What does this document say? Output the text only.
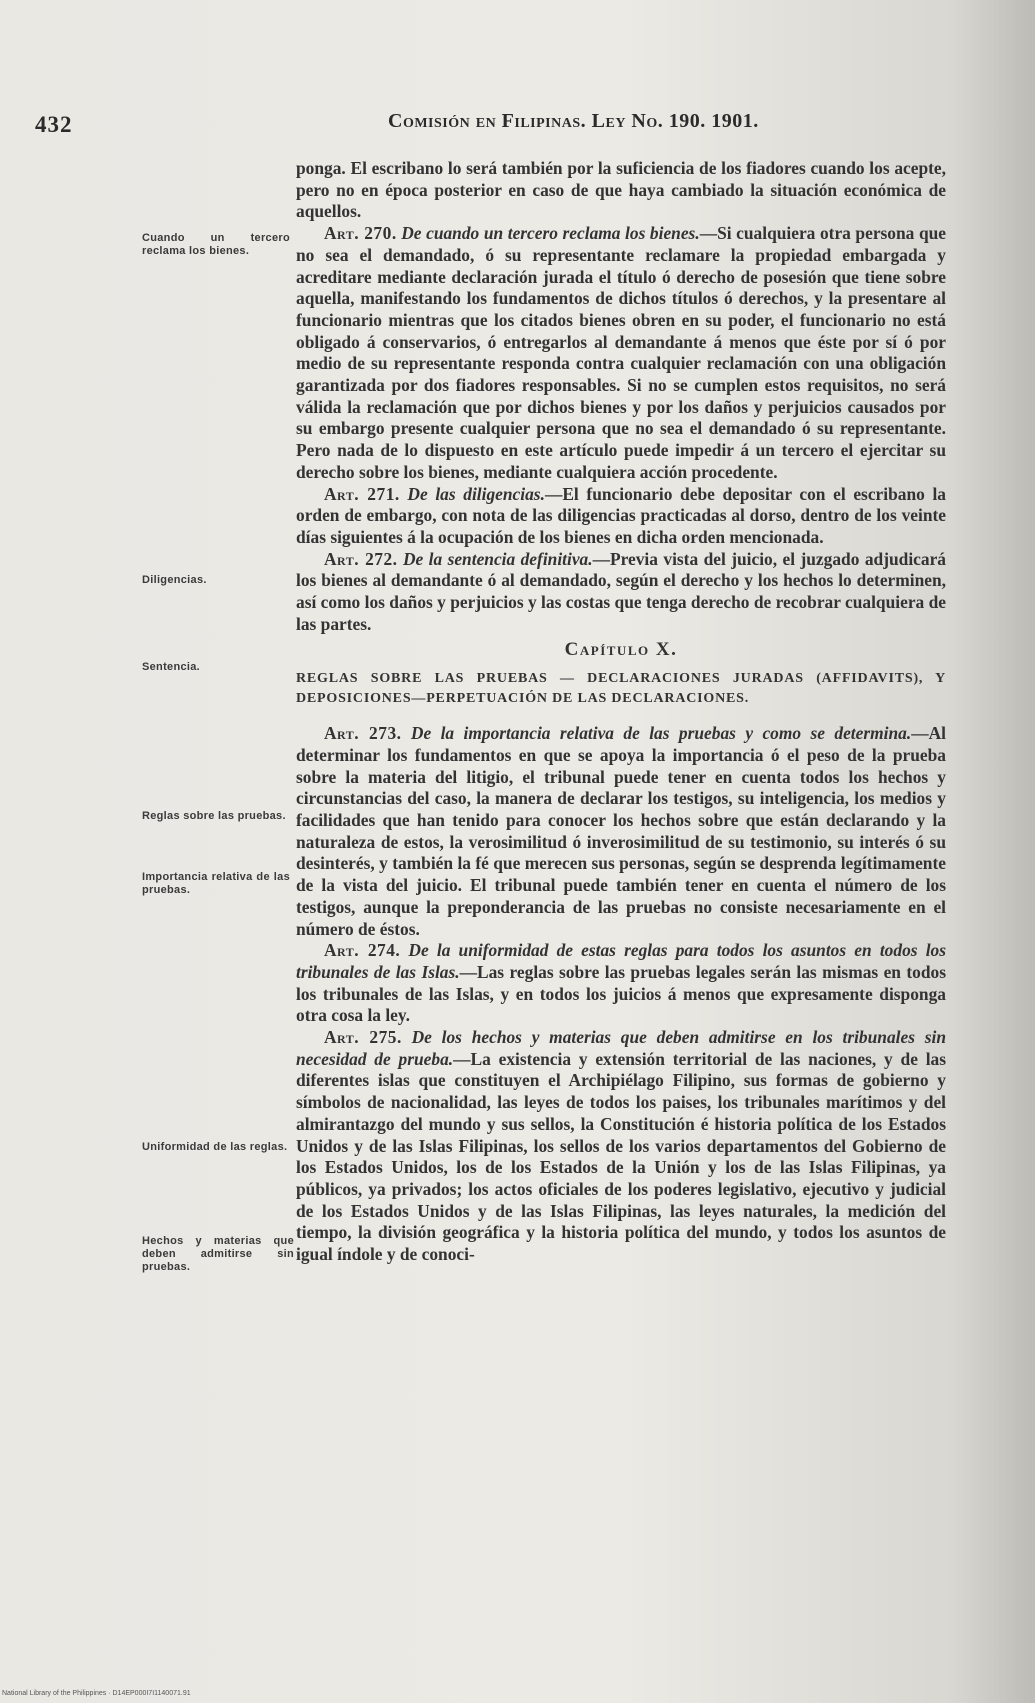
432	Comisión en Filipinas. Ley No. 190. 1901.
Cuando un tercero reclama los bienes.
Diligencias.
Sentencia.
Reglas sobre las pruebas.
Importancia relativa de las pruebas.
Uniformidad de las reglas.
Hechos y materias que deben admitirse sin pruebas.

ponga. El escribano lo será también por la suficiencia de los fiadores cuando los acepte, pero no en época posterior en caso de que haya cambiado la situación económica de aquellos.

Art. 270. De cuando un tercero reclama los bienes.—Si cualquiera otra persona que no sea el demandado, ó su representante reclamare la propiedad embargada y acreditare mediante declaración jurada el título ó derecho de posesión que tiene sobre aquella, manifestando los fundamentos de dichos títulos ó derechos, y la presentare al funcionario mientras que los citados bienes obren en su poder, el funcionario no está obligado á conservarios, ó entregarlos al demandante á menos que éste por sí ó por medio de su representante responda contra cualquier reclamación con una obligación garantizada por dos fiadores responsables. Si no se cumplen estos requisitos, no será válida la reclamación que por dichos bienes y por los daños y perjuicios causados por su embargo presente cualquier persona que no sea el demandado ó su representante. Pero nada de lo dispuesto en este artículo puede impedir á un tercero el ejercitar su derecho sobre los bienes, mediante cualquiera acción procedente.

Art. 271. De las diligencias.—El funcionario debe depositar con el escribano la orden de embargo, con nota de las diligencias practicadas al dorso, dentro de los veinte días siguientes á la ocupación de los bienes en dicha orden mencionada.

Art. 272. De la sentencia definitiva.—Previa vista del juicio, el juzgado adjudicará los bienes al demandante ó al demandado, según el derecho y los hechos lo determinen, así como los daños y perjuicios y las costas que tenga derecho de recobrar cualquiera de las partes.

Capítulo X.

REGLAS SOBRE LAS PRUEBAS — DECLARACIONES JURADAS (AFFIDAVITS), Y DEPOSICIONES—PERPETUACIÓN DE LAS DECLARACIONES.

Art. 273. De la importancia relativa de las pruebas y como se determina.—Al determinar los fundamentos en que se apoya la importancia ó el peso de la prueba sobre la materia del litigio, el tribunal puede tener en cuenta todos los hechos y circunstancias del caso, la manera de declarar los testigos, su inteligencia, los medios y facilidades que han tenido para conocer los hechos sobre que están declarando y la naturaleza de estos, la verosimilitud ó inverosimilitud de su testimonio, su interés ó su desinterés, y también la fé que merecen sus personas, según se desprenda legítimamente de la vista del juicio. El tribunal puede también tener en cuenta el número de los testigos, aunque la preponderancia de las pruebas no consiste necesariamente en el número de éstos.

Art. 274. De la uniformidad de estas reglas para todos los asuntos en todos los tribunales de las Islas.—Las reglas sobre las pruebas legales serán las mismas en todos los tribunales de las Islas, y en todos los juicios á menos que expresamente disponga otra cosa la ley.

Art. 275. De los hechos y materias que deben admitirse en los tribunales sin necesidad de prueba.—La existencia y extensión territorial de las naciones, y de las diferentes islas que constituyen el Archipiélago Filipino, sus formas de gobierno y símbolos de nacionalidad, las leyes de todos los paises, los tribunales marítimos y del almirantazgo del mundo y sus sellos, la Constitución é historia política de los Estados Unidos y de las Islas Filipinas, los sellos de los varios departamentos del Gobierno de los Estados Unidos, los de los Estados de la Unión y los de las Islas Filipinas, ya públicos, ya privados; los actos oficiales de los poderes legislativo, ejecutivo y judicial de los Estados Unidos y de las Islas Filipinas, las leyes naturales, la medición del tiempo, la división geográfica y la historia política del mundo, y todos los asuntos de igual índole y de conoci-

National Library of the Philippines · D14EP000I7I1140071.91
